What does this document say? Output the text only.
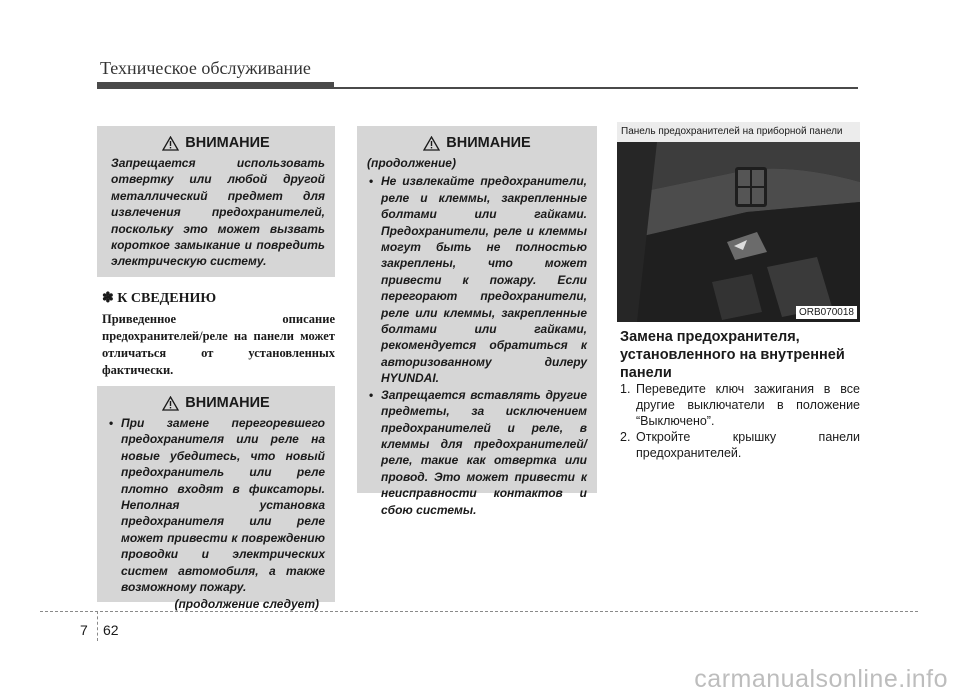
Техническое обслуживание
ВНИМАНИЕ

Запрещается использовать отвертку или любой другой металлический предмет для извлечения предохранителей, поскольку это может вызвать короткое замыкание и повредить электрическую систему.

✽ К СВЕДЕНИЮ

Приведенное описание предохранителей/реле на панели может отличаться от установленных фактически.

ВНИМАНИЕ
• При замене перегоревшего предохранителя или реле на новые убедитесь, что новый предохранитель или реле плотно входят в фиксаторы. Неполная установка предохранителя или реле может привести к повреждению проводки и электрических систем автомобиля, а также возможному пожару.
(продолжение следует)
ВНИМАНИЕ

(продолжение)

• Не извлекайте предохранители, реле и клеммы, закрепленные болтами или гайками. Предохранители, реле и клеммы могут быть не полностью закреплены, что может привести к пожару. Если перегорают предохранители, реле или клеммы, закрепленные болтами или гайками, рекомендуется обратиться к авторизованному дилеру HYUNDAI.
• Запрещается вставлять другие предметы, за исключением предохранителей и реле, в клеммы для предохранителей/реле, такие как отвертка или провод. Это может привести к неисправности контактов и сбою системы.
Панель предохранителей на приборной панели
ORB070018

Замена предохранителя, установленного на внутренней панели

1. Переведите ключ зажигания в все другие выключатели в положение “Выключено”.
2. Откройте крышку панели предохранителей.
7 62
carmanualsonline.info
